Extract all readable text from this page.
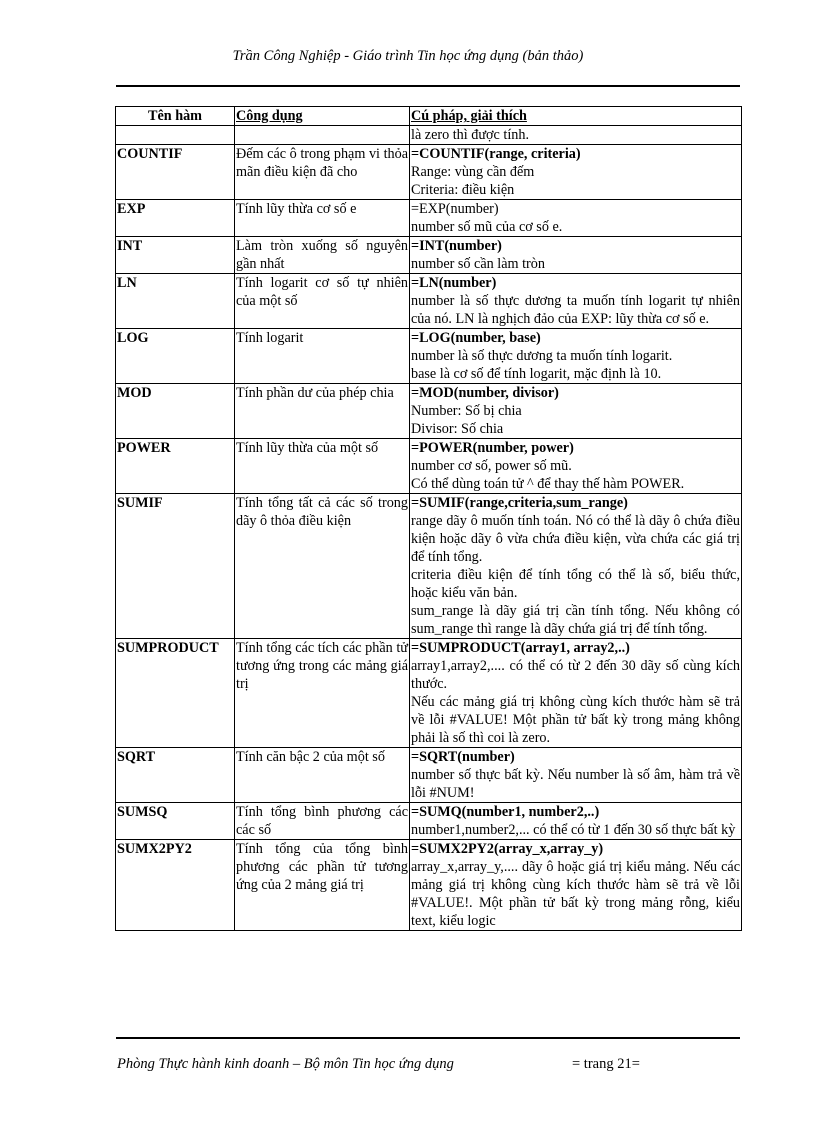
Trần Công Nghiệp - Giáo trình Tin học ứng dụng (bản thảo)
Tên hàm	Công dụng	Cú pháp, giải thích

		là zero thì được tính.

COUNTIF	Đếm các ô trong phạm vi thỏa mãn điều kiện đã cho	=COUNTIF(range, criteria)
Range: vùng cần đếm
Criteria: điều kiện

EXP	Tính lũy thừa cơ số e	=EXP(number)
number số mũ của cơ số e.

INT	Làm tròn xuống số nguyên gần nhất	=INT(number)
number số cần làm tròn

LN	Tính logarit cơ số tự nhiên của một số	=LN(number)
number là số thực dương ta muốn tính logarit tự nhiên của nó. LN là nghịch đảo của EXP: lũy thừa cơ số e.

LOG	Tính logarit	=LOG(number, base)
number là số thực dương ta muốn tính logarit.
base là cơ số để tính logarit, mặc định là 10.

MOD	Tính phần dư của phép chia	=MOD(number, divisor)
Number: Số bị chia
Divisor: Số chia

POWER	Tính lũy thừa của một số	=POWER(number, power)
number cơ số, power số mũ.
Có thể dùng toán tử ^ để thay thế hàm POWER.

SUMIF	Tính tổng tất cả các số trong dãy ô thỏa điều kiện	=SUMIF(range,criteria,sum_range)
range dãy ô muốn tính toán. Nó có thể là dãy ô chứa điều kiện hoặc dãy ô vừa chứa điều kiện, vừa chứa các giá trị để tính tổng.
criteria điều kiện để tính tổng có thể là số, biểu thức, hoặc kiểu văn bản.
sum_range là dãy giá trị cần tính tổng. Nếu không có sum_range thì range là dãy chứa giá trị để tính tổng.

SUMPRODUCT	Tính tổng các tích các phần tử tương ứng trong các mảng giá trị	=SUMPRODUCT(array1, array2,..)
array1,array2,.... có thể có từ 2 đến 30 dãy số cùng kích thước.
Nếu các mảng giá trị không cùng kích thước hàm sẽ trả về lỗi #VALUE! Một phần tử bất kỳ trong mảng không phải là số thì coi là zero.

SQRT	Tính căn bậc 2 của một số	=SQRT(number)
number số thực bất kỳ. Nếu number là số âm, hàm trả về lỗi #NUM!

SUMSQ	Tính tổng bình phương các các số	=SUMQ(number1, number2,..)
number1,number2,... có thể có từ 1 đến 30 số thực bất kỳ

SUMX2PY2	Tính tổng của tổng bình phương các phần tử tương ứng của 2 mảng giá trị	=SUMX2PY2(array_x,array_y)
array_x,array_y,.... dãy ô hoặc giá trị kiểu mảng. Nếu các mảng giá trị không cùng kích thước hàm sẽ trả về lỗi #VALUE!. Một phần tử bất kỳ trong mảng rỗng, kiểu text, kiểu logic
Phòng Thực hành kinh doanh – Bộ môn Tin học ứng dụng	= trang 21=
